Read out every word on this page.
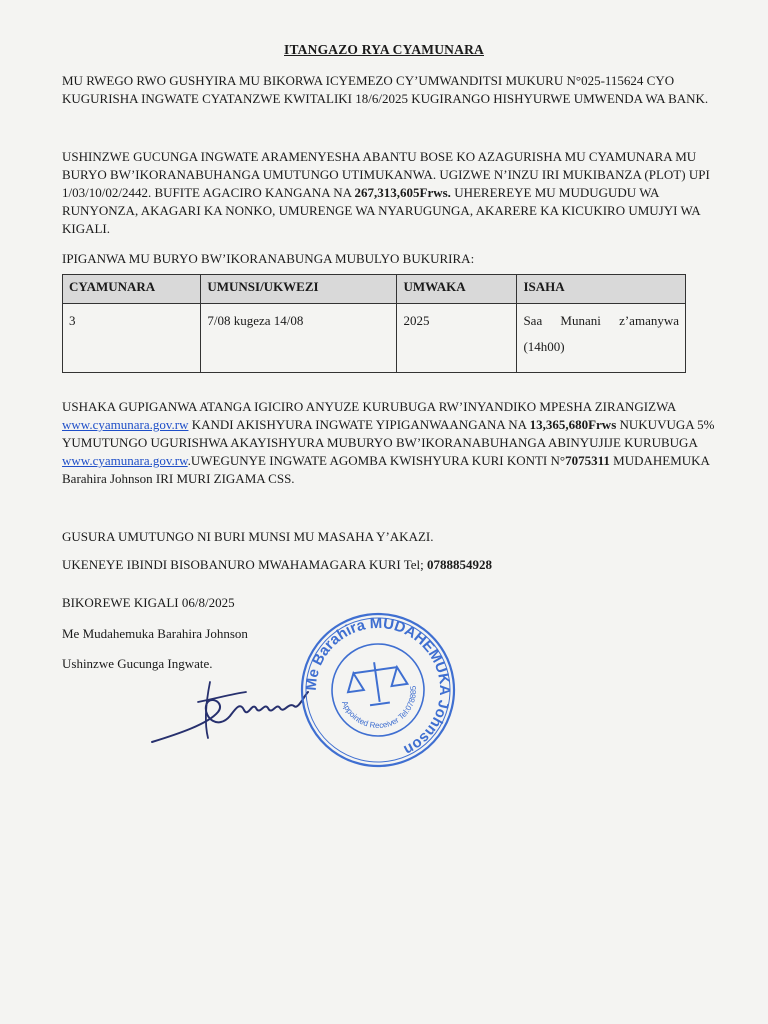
ITANGAZO RYA CYAMUNARA
MU RWEGO RWO GUSHYIRA MU BIKORWA ICYEMEZO CY’UMWANDITSI MUKURU N°025-115624 CYO KUGURISHA INGWATE CYATANZWE KWITALIKI 18/6/2025 KUGIRANGO HISHYURWE UMWENDA WA BANK.
USHINZWE GUCUNGA INGWATE ARAMENYESHA ABANTU BOSE KO AZAGURISHA MU CYAMUNARA MU BURYO BW’IKORANABUHANGA UMUTUNGO UTIMUKANWA. UGIZWE N’INZU IRI MUKIBANZA (PLOT) UPI 1/03/10/02/2442. BUFITE AGACIRO KANGANA NA 267,313,605Frws. UHEREREYE MU MUDUGUDU WA RUNYONZA, AKAGARI KA NONKO, UMURENGE WA NYARUGUNGA, AKARERE KA KICUKIRO UMUJYI WA KIGALI.
IPIGANWA MU BURYO BW’IKORANABUNGA MUBULYO BUKURIRA:
CYAMUNARA	UMUNSI/UKWEZI	UMWAKA	ISAHA
3	7/08 kugeza 14/08	2025	Saa Munani z’amanywa (14h00)
USHAKA GUPIGANWA ATANGA IGICIRO ANYUZE KURUBUGA RW’INYANDIKO MPESHA ZIRANGIZWA www.cyamunara.gov.rw KANDI AKISHYURA INGWATE YIPIGANWAANGANA NA 13,365,680Frws NUKUVUGA 5% YUMUTUNGO UGURISHWA AKAYISHYURA MUBURYO BW’IKORANABUHANGA ABINYUJIJE KURUBUGA www.cyamunara.gov.rw.UWEGUNYE INGWATE AGOMBA KWISHYURA KURI KONTI N°7075311 MUDAHEMUKA Barahira Johnson IRI MURI ZIGAMA CSS.
GUSURA UMUTUNGO NI BURI MUNSI MU MASAHA Y’AKAZI.
UKENEYE IBINDI BISOBANURO MWAHAMAGARA KURI Tel; 0788854928
BIKOREWE KIGALI 06/8/2025
Me Mudahemuka Barahira Johnson
Ushinzwe Gucunga Ingwate.
Me Barahira MUDAHEMUKA Johnson
Appointed Receiver Tel:0788854928
